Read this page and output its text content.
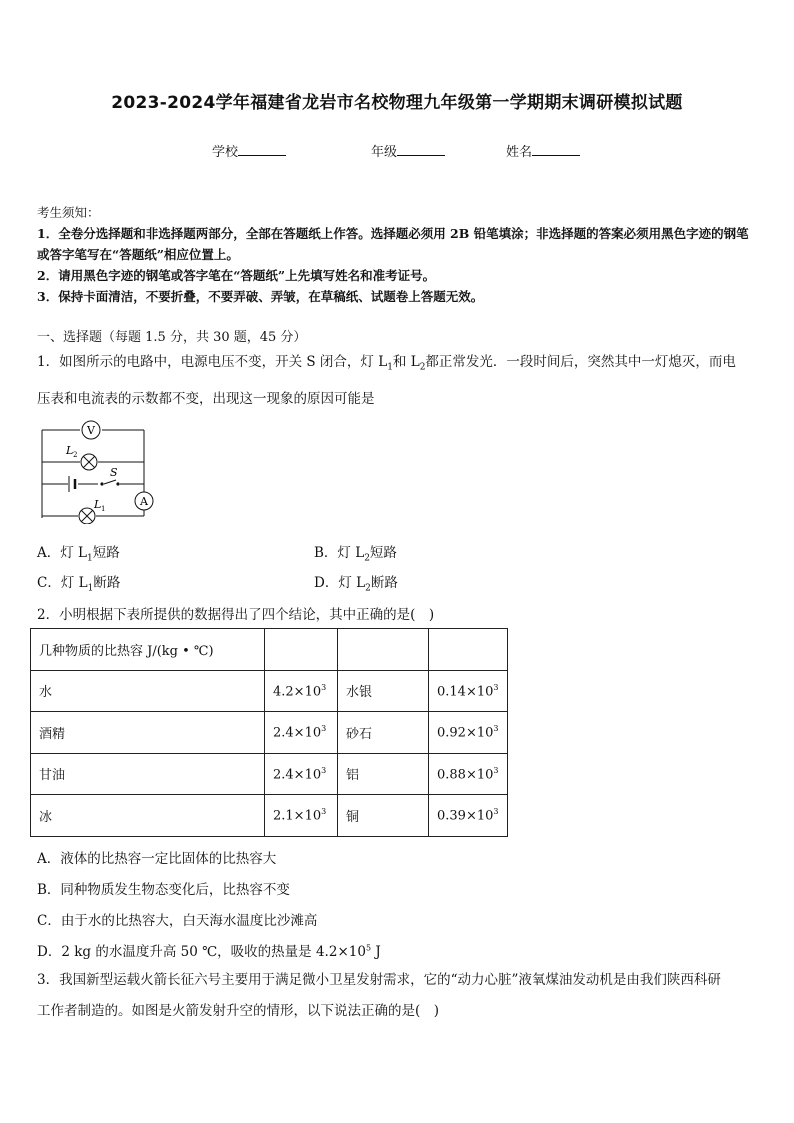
2023-2024学年福建省龙岩市名校物理九年级第一学期期末调研模拟试题
学校	年级	姓名
考生须知：
1．全卷分选择题和非选择题两部分，全部在答题纸上作答。选择题必须用 2B 铅笔填涂；非选择题的答案必须用黑色字迹的钢笔或答字笔写在“答题纸”相应位置上。
2．请用黑色字迹的钢笔或答字笔在“答题纸”上先填写姓名和准考证号。
3．保持卡面清洁，不要折叠，不要弄破、弄皱，在草稿纸、试题卷上答题无效。
一、选择题（每题 1.5 分，共 30 题，45 分）
1．如图所示的电路中，电源电压不变，开关 S 闭合，灯 $L_1$和 $L_2$都正常发光．一段时间后，突然其中一灯熄灭，而电
压表和电流表的示数都不变，出现这一现象的原因可能是
V
L 2
S
A
L 1
A．灯 $L_1$短路	B．灯 $L_2$短路
C．灯 $L_1$断路	D．灯 $L_2$断路
2．小明根据下表所提供的数据得出了四个结论，其中正确的是(　)
几种物质的比热容 J/(kg • ℃)			
水	$4.2\times 10^3$	水银	$0.14\times 10^3$
酒精	$2.4\times 10^3$	砂石	$0.92\times 10^3$
甘油	$2.4\times 10^3$	铝	$0.88\times 10^3$
冰	$2.1\times 10^3$	铜	$0.39\times 10^3$
A．液体的比热容一定比固体的比热容大
B．同种物质发生物态变化后，比热容不变
C．由于水的比热容大，白天海水温度比沙滩高
D．2 kg 的水温度升高 50 ℃，吸收的热量是 $4.2\times 10^5$ J
3．我国新型运载火箭长征六号主要用于满足微小卫星发射需求，它的“动力心脏”液氧煤油发动机是由我们陕西科研
工作者制造的。如图是火箭发射升空的情形，以下说法正确的是(　)
